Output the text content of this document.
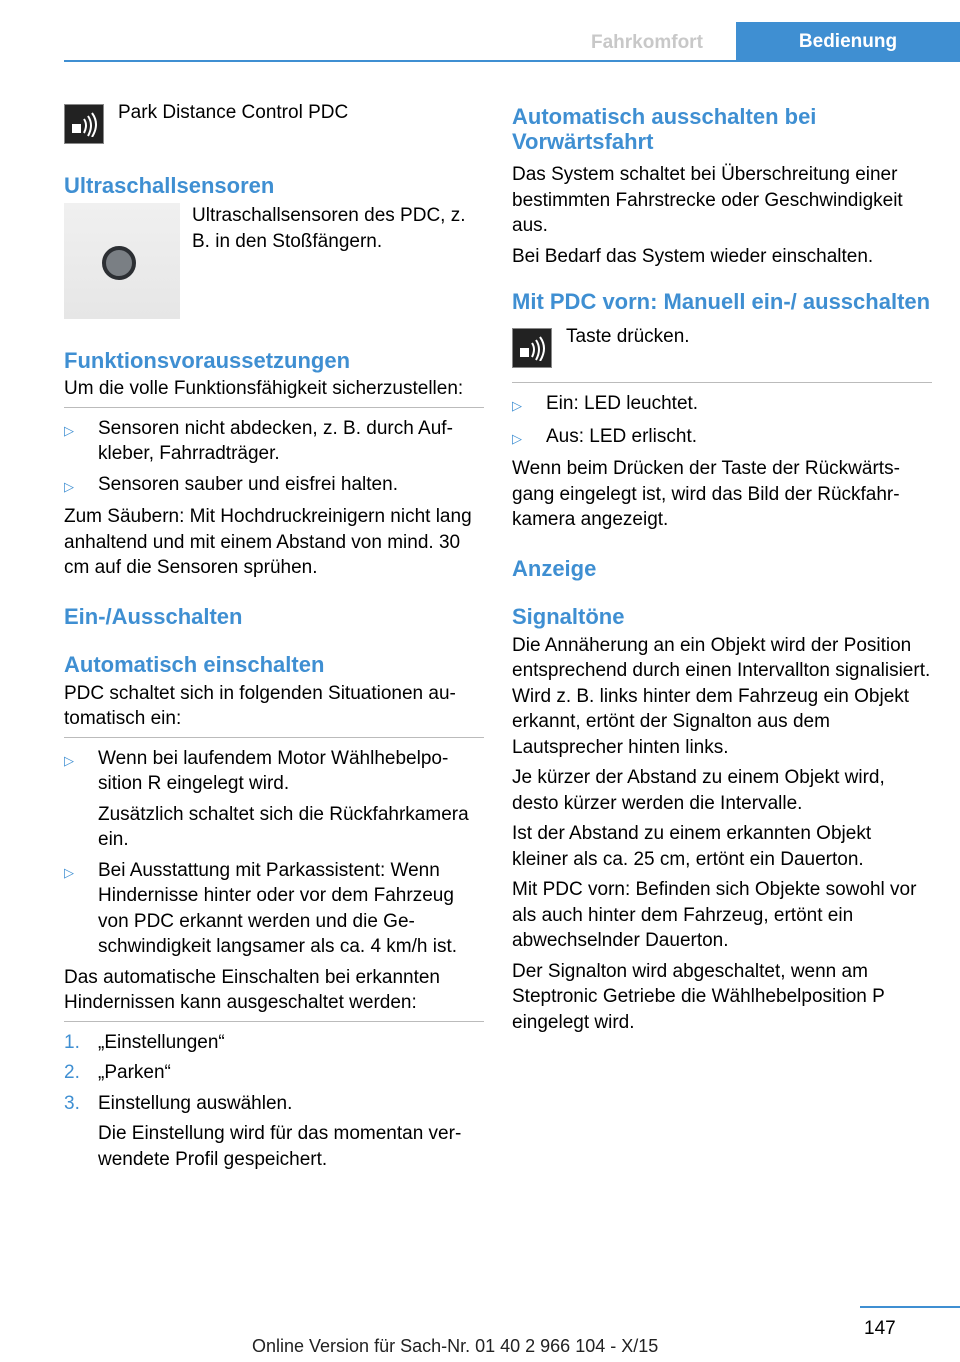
Fahrkomfort	Bedienung
Park Distance Control PDC
Ultraschallsensoren
Ultraschallsensoren des PDC, z. B. in den Stoßfängern.
Funktionsvoraussetzungen

Um die volle Funktionsfähigkeit sicherzustellen:

▷	Sensoren nicht abdecken, z. B. durch Aufkleber, Fahrradträger.
▷	Sensoren sauber und eisfrei halten.

Zum Säubern: Mit Hochdruckreinigern nicht lang anhaltend und mit einem Abstand von mind. 30 cm auf die Sensoren sprühen.

Ein-/Ausschalten
Automatisch einschalten

PDC schaltet sich in folgenden Situationen automatisch ein:

▷	Wenn bei laufendem Motor Wählhebelposition R eingelegt wird.
Zusätzlich schaltet sich die Rückfahrkamera ein.
▷	Bei Ausstattung mit Parkassistent: Wenn Hindernisse hinter oder vor dem Fahrzeug von PDC erkannt werden und die Geschwindigkeit langsamer als ca. 4 km/h ist.

Das automatische Einschalten bei erkannten Hindernissen kann ausgeschaltet werden:

1. „Einstellungen“
2. „Parken“
3. Einstellung auswählen.
Die Einstellung wird für das momentan verwendete Profil gespeichert.
Automatisch ausschalten bei Vorwärtsfahrt

Das System schaltet bei Überschreitung einer bestimmten Fahrstrecke oder Geschwindigkeit aus.

Bei Bedarf das System wieder einschalten.

Mit PDC vorn: Manuell ein-/ ausschalten
Taste drücken.
▷	Ein: LED leuchtet.
▷	Aus: LED erlischt.

Wenn beim Drücken der Taste der Rückwärtsgang eingelegt ist, wird das Bild der Rückfahrkamera angezeigt.

Anzeige
Signaltöne

Die Annäherung an ein Objekt wird der Position entsprechend durch einen Intervallton signalisiert. Wird z. B. links hinter dem Fahrzeug ein Objekt erkannt, ertönt der Signalton aus dem Lautsprecher hinten links.

Je kürzer der Abstand zu einem Objekt wird, desto kürzer werden die Intervalle.

Ist der Abstand zu einem erkannten Objekt kleiner als ca. 25 cm, ertönt ein Dauerton.

Mit PDC vorn: Befinden sich Objekte sowohl vor als auch hinter dem Fahrzeug, ertönt ein abwechselnder Dauerton.

Der Signalton wird abgeschaltet, wenn am Steptronic Getriebe die Wählhebelposition P eingelegt wird.

147
Online Version für Sach-Nr. 01 40 2 966 104 - X/15
